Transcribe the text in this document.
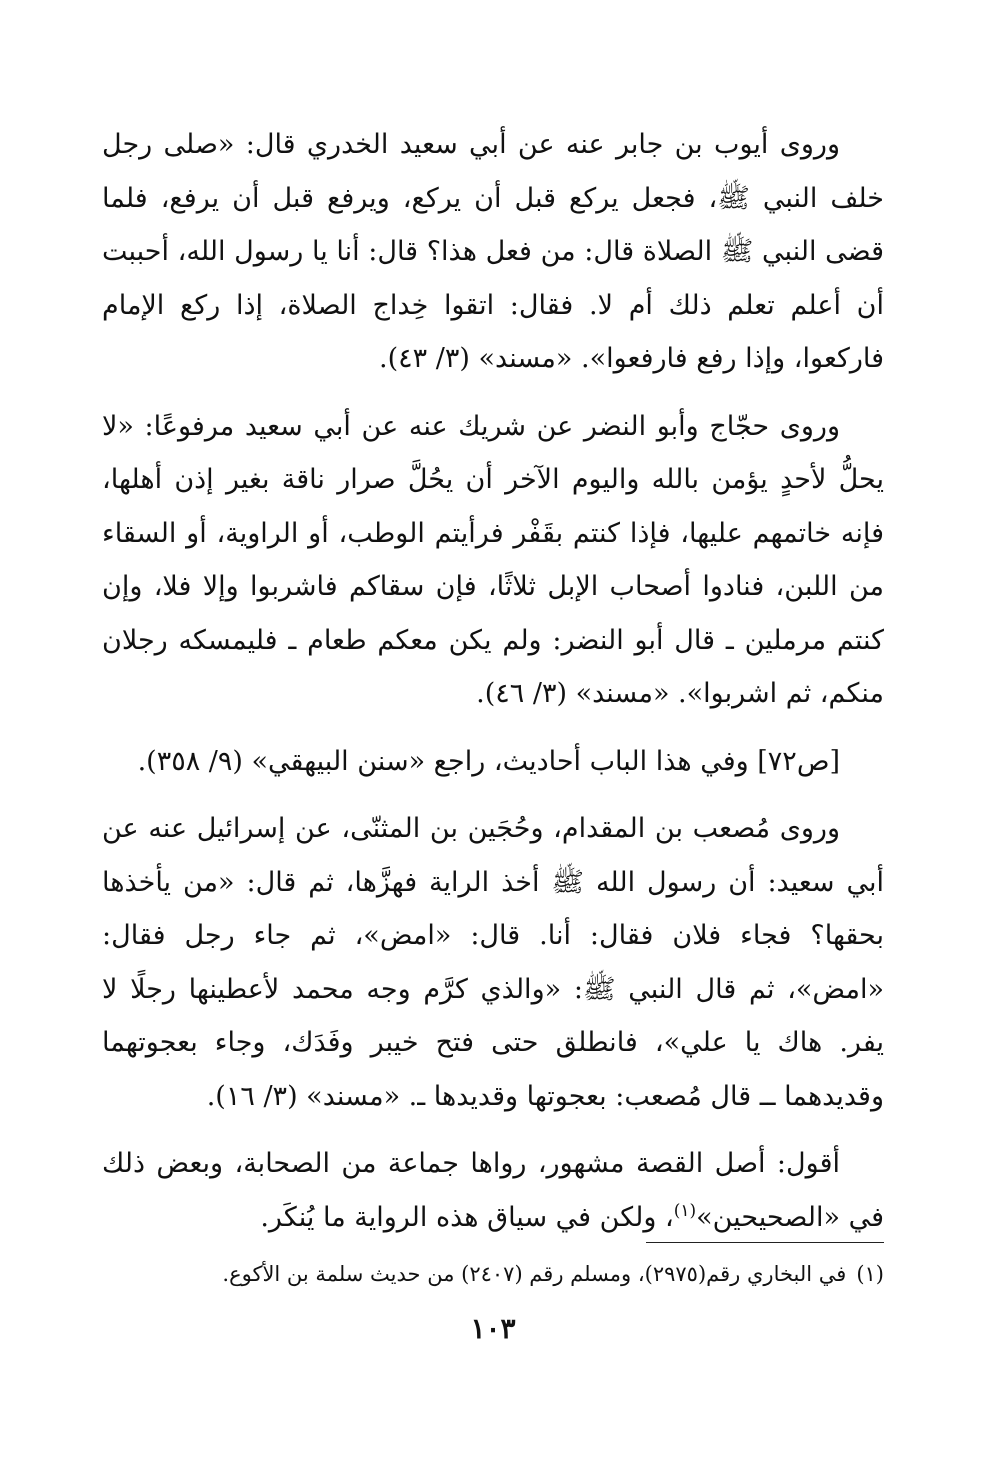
وروى أيوب بن جابر عنه عن أبي سعيد الخدري قال: «صلى رجل خلف النبي ﷺ، فجعل يركع قبل أن يركع، ويرفع قبل أن يرفع، فلما قضى النبي ﷺ الصلاة قال: من فعل هذا؟ قال: أنا يا رسول الله، أحببت أن أعلم تعلم ذلك أم لا. فقال: اتقوا خِداج الصلاة، إذا ركع الإمام فاركعوا، وإذا رفع فارفعوا». «مسند» (٣/ ٤٣).

وروى حجّاج وأبو النضر عن شريك عنه عن أبي سعيد مرفوعًا: «لا يحلُّ لأحدٍ يؤمن بالله واليوم الآخر أن يحُلَّ صرار ناقة بغير إذن أهلها، فإنه خاتمهم عليها، فإذا كنتم بقَفْر فرأيتم الوطب، أو الراوية، أو السقاء من اللبن، فنادوا أصحاب الإبل ثلاثًا، فإن سقاكم فاشربوا وإلا فلا، وإن كنتم مرملين ـ قال أبو النضر: ولم يكن معكم طعام ـ فليمسكه رجلان منكم، ثم اشربوا». «مسند» (٣/ ٤٦).

[ص٧٢] وفي هذا الباب أحاديث، راجع «سنن البيهقي» (٩/ ٣٥٨).

وروى مُصعب بن المقدام، وحُجَين بن المثنّى، عن إسرائيل عنه عن أبي سعيد: أن رسول الله ﷺ أخذ الراية فهزَّها، ثم قال: «من يأخذها بحقها؟ فجاء فلان فقال: أنا. قال: «امض»، ثم جاء رجل فقال: «امض»، ثم قال النبي ﷺ: «والذي كرَّم وجه محمد لأعطينها رجلًا لا يفر. هاك يا علي»، فانطلق حتى فتح خيبر وفَدَك، وجاء بعجوتهما وقديدهما ــ قال مُصعب: بعجوتها وقديدها ـ. «مسند» (٣/ ١٦).

أقول: أصل القصة مشهور، رواها جماعة من الصحابة، وبعض ذلك في «الصحيحين»$^{(١)}$، ولكن في سياق هذه الرواية ما يُنكَر.

(١)في البخاري رقم(٢٩٧٥)، ومسلم رقم (٢٤٠٧) من حديث سلمة بن الأكوع.
١٠٣
